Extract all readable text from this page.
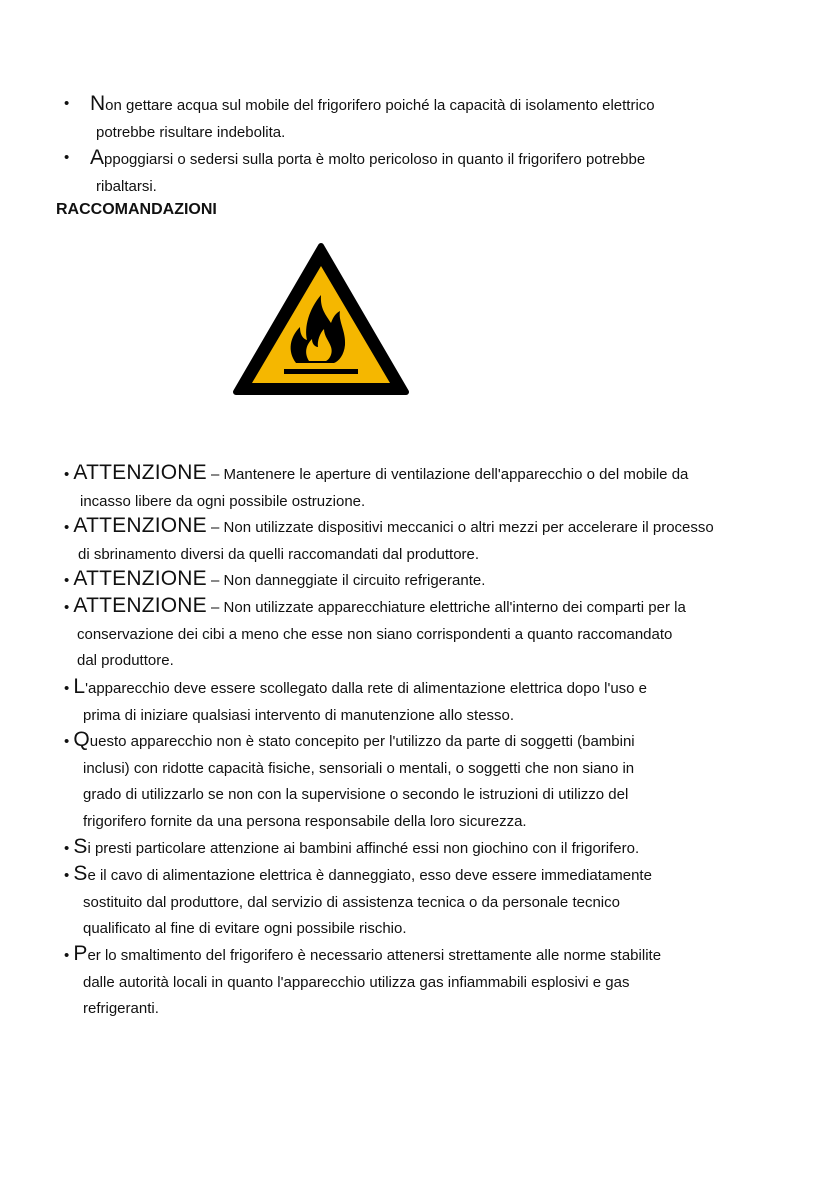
• Non gettare acqua sul mobile del frigorifero poiché la capacità di isolamento elettrico
potrebbe risultare indebolita.
• Appoggiarsi o sedersi sulla porta è molto pericoloso in quanto il frigorifero potrebbe
ribaltarsi.
RACCOMANDAZIONI
• ATTENZIONE – Mantenere le aperture di ventilazione dell'apparecchio o del mobile da
incasso libere da ogni possibile ostruzione.
• ATTENZIONE – Non utilizzate dispositivi meccanici o altri mezzi per accelerare il processo
di sbrinamento diversi da quelli raccomandati dal produttore.
• ATTENZIONE – Non danneggiate il circuito refrigerante.
• ATTENZIONE – Non utilizzate apparecchiature elettriche all'interno dei comparti per la
conservazione dei cibi a meno che esse non siano corrispondenti a quanto raccomandato
dal produttore.
• L'apparecchio deve essere scollegato dalla rete di alimentazione elettrica dopo l'uso e
prima di iniziare qualsiasi intervento di manutenzione allo stesso.
• Questo apparecchio non è stato concepito per l'utilizzo da parte di soggetti (bambini
inclusi) con ridotte capacità fisiche, sensoriali o mentali, o soggetti che non siano in
grado di utilizzarlo se non con la supervisione o secondo le istruzioni di utilizzo del
frigorifero fornite da una persona responsabile della loro sicurezza.
• Si presti particolare attenzione ai bambini affinché essi non giochino con il frigorifero.
• Se il cavo di alimentazione elettrica è danneggiato, esso deve essere immediatamente
sostituito dal produttore, dal servizio di assistenza tecnica o da personale tecnico
qualificato al fine di evitare ogni possibile rischio.
• Per lo smaltimento del frigorifero è necessario attenersi strettamente alle norme stabilite
dalle autorità locali in quanto l'apparecchio utilizza gas infiammabili esplosivi e gas
refrigeranti.
